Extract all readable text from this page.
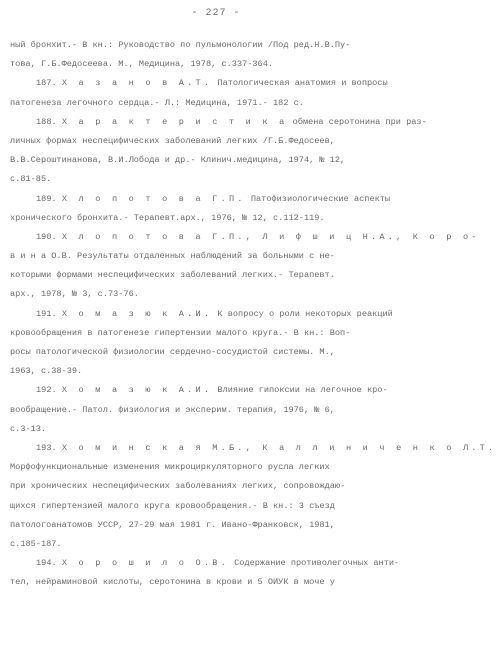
- 227 -
ный бронхит.- В кн.: Руководство по пульмонологии /Под ред.Н.В.Пу-
това, Г.Б.Федосеева. М., Медицина, 1978, с.337-364.
187. Х а з а н о в А.Т. Патологическая анатомия и вопросы
патогенеза легочного сердца.- Л.: Медицина, 1971.- 182 с.
188. Х а р а к т е р и с т и к а обмена серотонина при раз-
личных формах неспецифических заболеваний легких /Г.Б.Федосеев,
В.В.Сероштинанова, В.И.Лобода и др.- Клинич.медицина, 1974, № 12,
с.81-85.
189. Х л о п о т о в а Г.П. Патофизиологические аспекты
хронического бронхита.- Терапевт.арх., 1976, № 12, с.112-119.
190. Х л о п о т о в а Г.П., Л и ф ш и ц Н.А., К о р о-
в и н а О.В. Результаты отдаленных наблюдений за больными с не-
которыми формами неспецифических заболеваний легких.- Терапевт.
арх., 1978, № 3, с.73-76.
191. Х о м а з ю к А.И. К вопросу о роли некоторых реакций
кровообращения в патогенезе гипертензии малого круга.- В кн.: Воп-
росы патологической физиологии сердечно-сосудистой системы. М.,
1963, с.38-39.
192. Х о м а з ю к А.И. Влияние гипоксии на легочное кро-
вообращение.- Патол. физиология и эксперим. терапия, 1976, № 6,
с.3-13.
193. Х о м и н с к а я М.Б., К а л л и н и ч е н к о Л.Т.
Морфофункциональные изменения микроциркуляторного русла легких
при хронических неспецифических заболеваниях легких, сопровождаю-
щихся гипертензией малого круга кровообращения.- В кн.: 3 съезд
патологоанатомов УССР, 27-29 мая 1981 г. Ивано-Франковск, 1981,
с.185-187.
194. Х о р о ш и л о О.В. Содержание противолегочных анти-
тел, нейраминовой кислоты, серотонина в крови и 5 ОИУК в моче у
